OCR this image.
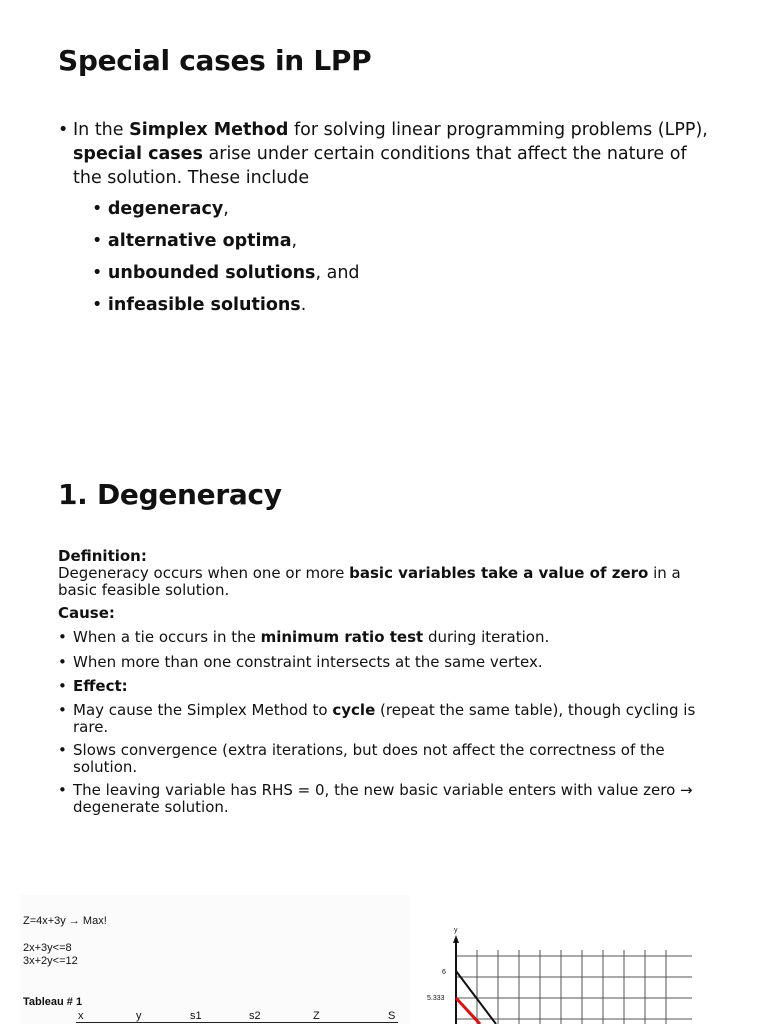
Special cases in LPP
• In the Simplex Method for solving linear programming problems (LPP), special cases arise under certain conditions that affect the nature of the solution. These include
• degeneracy,
• alternative optima,
• unbounded solutions, and
• infeasible solutions.
1. Degeneracy
Definition:
Degeneracy occurs when one or more basic variables take a value of zero in a basic feasible solution.
Cause:
• When a tie occurs in the minimum ratio test during iteration.
• When more than one constraint intersects at the same vertex.
• Effect:
• May cause the Simplex Method to cycle (repeat the same table), though cycling is rare.
• Slows convergence (extra iterations, but does not affect the correctness of the solution.
• The leaving variable has RHS = 0, the new basic variable enters with value zero → degenerate solution.
Z=4x+3y → Max!
2x+3y<=8
3x+2y<=12
Tableau # 1
x	y	s1	s2	Z	S
y
6
5.333
